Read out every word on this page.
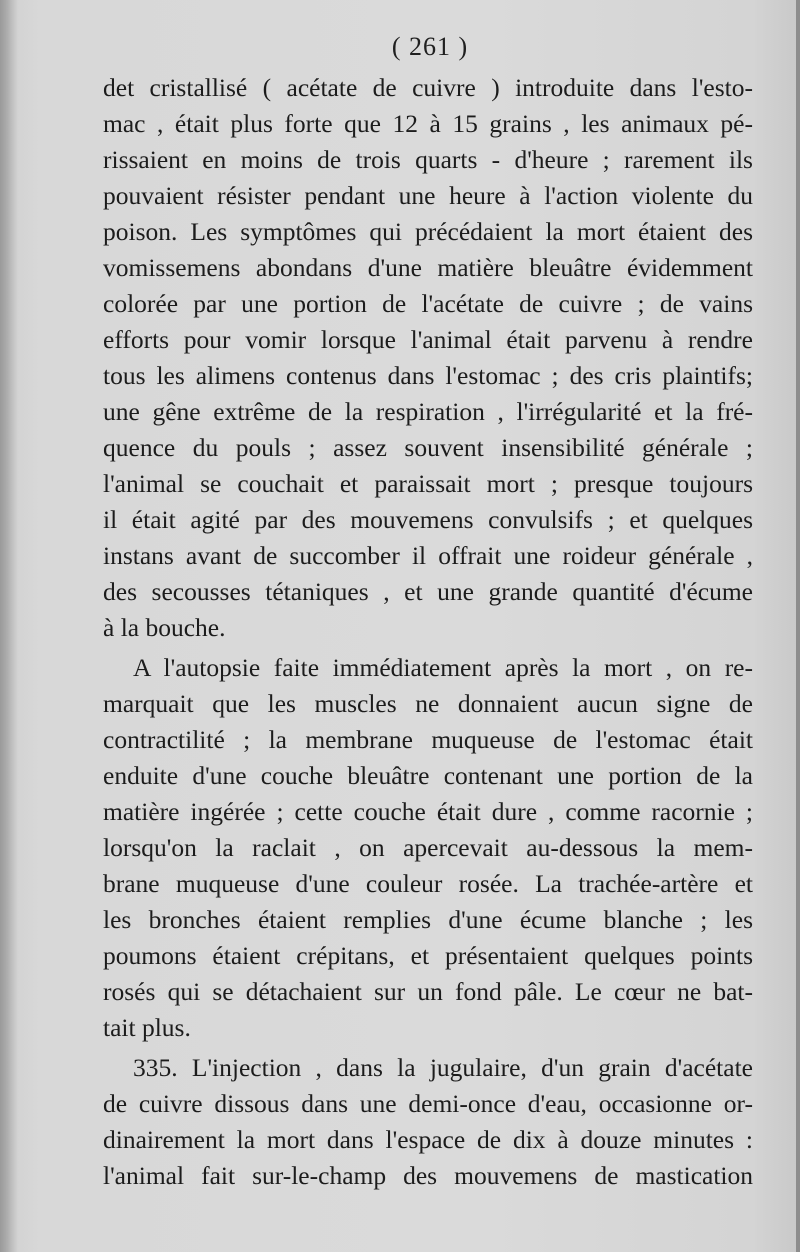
( 261 )
det cristallisé ( acétate de cuivre ) introduite dans l'esto-
mac , était plus forte que 12 à 15 grains , les animaux pé-
rissaient en moins de trois quarts - d'heure ; rarement ils
pouvaient résister pendant une heure à l'action violente du
poison. Les symptômes qui précédaient la mort étaient des
vomissemens abondans d'une matière bleuâtre évidemment
colorée par une portion de l'acétate de cuivre ; de vains
efforts pour vomir lorsque l'animal était parvenu à rendre
tous les alimens contenus dans l'estomac ; des cris plaintifs;
une gêne extrême de la respiration , l'irrégularité et la fré-
quence du pouls ; assez souvent insensibilité générale ;
l'animal se couchait et paraissait mort ; presque toujours
il était agité par des mouvemens convulsifs ; et quelques
instans avant de succomber il offrait une roideur générale ,
des secousses tétaniques , et une grande quantité d'écume
à la bouche.
A l'autopsie faite immédiatement après la mort , on re-
marquait que les muscles ne donnaient aucun signe de
contractilité ; la membrane muqueuse de l'estomac était
enduite d'une couche bleuâtre contenant une portion de la
matière ingérée ; cette couche était dure , comme racornie ;
lorsqu'on la raclait , on apercevait au-dessous la mem-
brane muqueuse d'une couleur rosée. La trachée-artère et
les bronches étaient remplies d'une écume blanche ; les
poumons étaient crépitans, et présentaient quelques points
rosés qui se détachaient sur un fond pâle. Le cœur ne bat-
tait plus.
335. L'injection , dans la jugulaire, d'un grain d'acétate
de cuivre dissous dans une demi-once d'eau, occasionne or-
dinairement la mort dans l'espace de dix à douze minutes :
l'animal fait sur-le-champ des mouvemens de mastication
